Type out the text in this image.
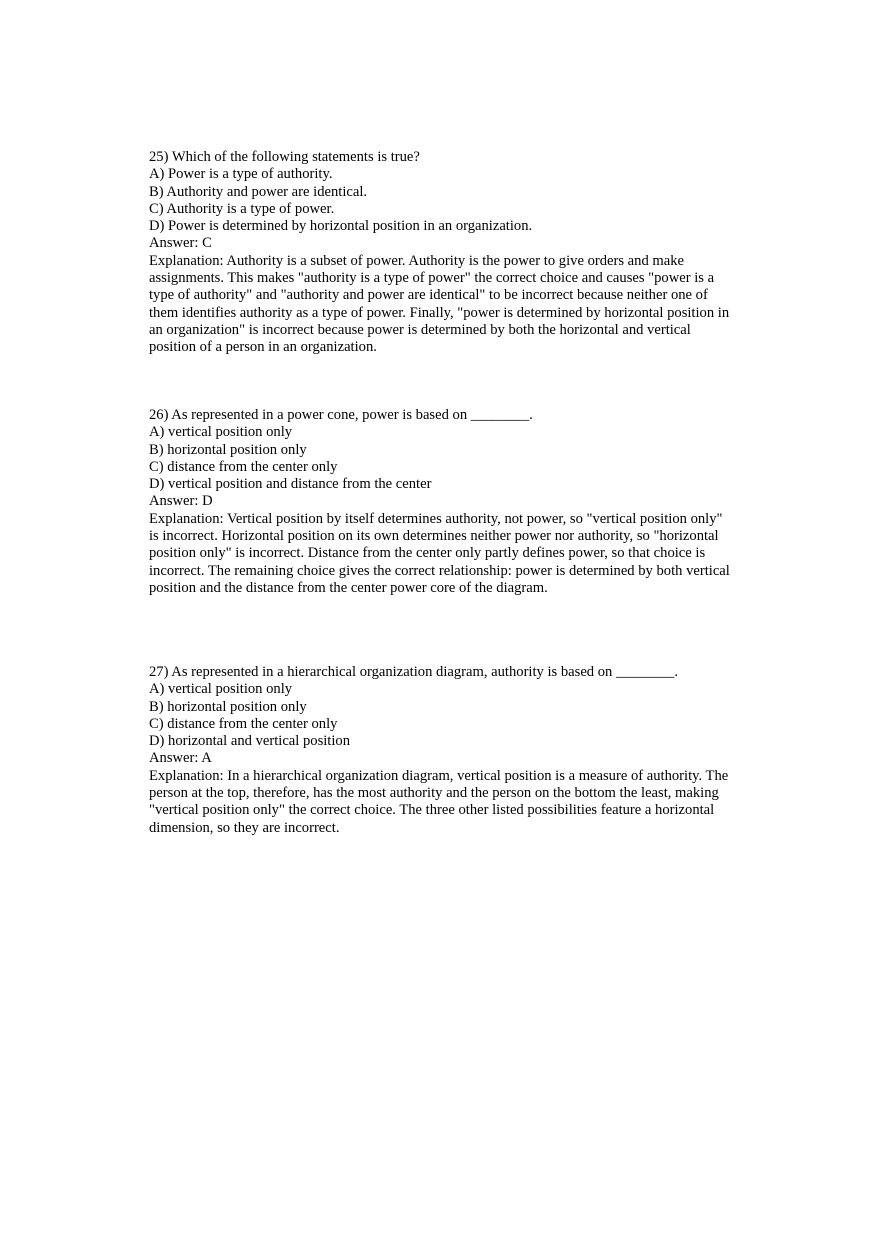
25) Which of the following statements is true?
A) Power is a type of authority.
B) Authority and power are identical.
C) Authority is a type of power.
D) Power is determined by horizontal position in an organization.
Answer: C
Explanation: Authority is a subset of power. Authority is the power to give orders and make assignments. This makes "authority is a type of power" the correct choice and causes "power is a type of authority" and "authority and power are identical" to be incorrect because neither one of them identifies authority as a type of power. Finally, "power is determined by horizontal position in an organization" is incorrect because power is determined by both the horizontal and vertical position of a person in an organization.
26) As represented in a power cone, power is based on ________.
A) vertical position only
B) horizontal position only
C) distance from the center only
D) vertical position and distance from the center
Answer: D
Explanation: Vertical position by itself determines authority, not power, so "vertical position only" is incorrect. Horizontal position on its own determines neither power nor authority, so "horizontal position only" is incorrect. Distance from the center only partly defines power, so that choice is incorrect. The remaining choice gives the correct relationship: power is determined by both vertical position and the distance from the center power core of the diagram.
27) As represented in a hierarchical organization diagram, authority is based on ________.
A) vertical position only
B) horizontal position only
C) distance from the center only
D) horizontal and vertical position
Answer: A
Explanation: In a hierarchical organization diagram, vertical position is a measure of authority. The person at the top, therefore, has the most authority and the person on the bottom the least, making "vertical position only" the correct choice. The three other listed possibilities feature a horizontal dimension, so they are incorrect.
